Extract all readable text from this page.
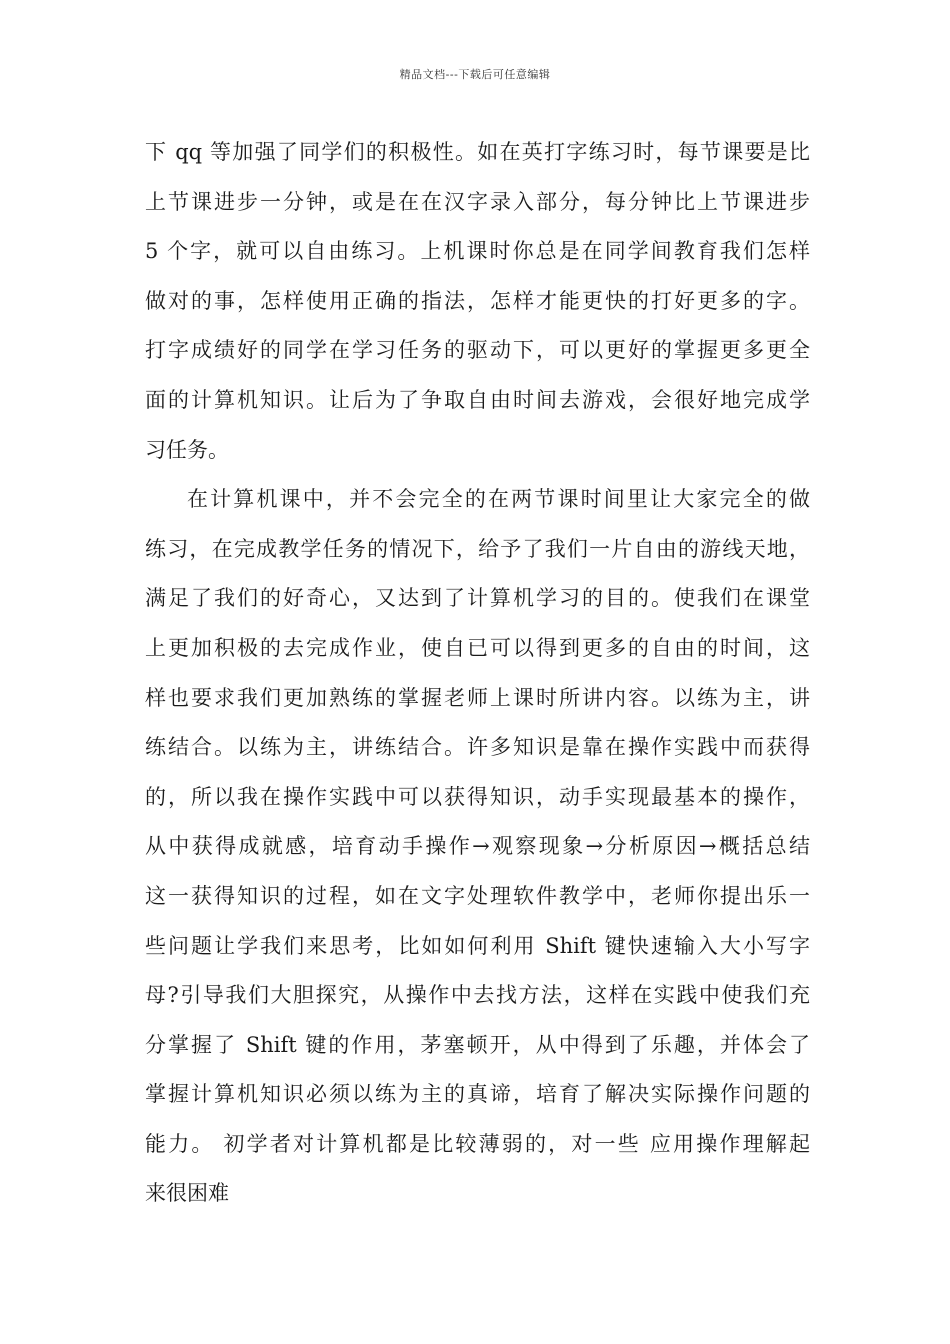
精品文档---下载后可任意编辑
下 qq 等加强了同学们的积极性。如在英打字练习时，每节课要是比
上节课进步一分钟，或是在在汉字录入部分，每分钟比上节课进步
5 个字，就可以自由练习。上机课时你总是在同学间教育我们怎样
做对的事，怎样使用正确的指法，怎样才能更快的打好更多的字。
打字成绩好的同学在学习任务的驱动下，可以更好的掌握更多更全
面的计算机知识。让后为了争取自由时间去游戏，会很好地完成学
习任务。
在计算机课中，并不会完全的在两节课时间里让大家完全的做
练习，在完成教学任务的情况下，给予了我们一片自由的游线天地，
满足了我们的好奇心，又达到了计算机学习的目的。使我们在课堂
上更加积极的去完成作业，使自已可以得到更多的自由的时间，这
样也要求我们更加熟练的掌握老师上课时所讲内容。以练为主，讲
练结合。以练为主，讲练结合。许多知识是靠在操作实践中而获得
的，所以我在操作实践中可以获得知识，动手实现最基本的操作，
从中获得成就感，培育动手操作→观察现象→分析原因→概括总结
这一获得知识的过程，如在文字处理软件教学中，老师你提出乐一
些问题让学我们来思考，比如如何利用 Shift 键快速输入大小写字
母?引导我们大胆探究，从操作中去找方法，这样在实践中使我们充
分掌握了 Shift 键的作用，茅塞顿开，从中得到了乐趣，并体会了
掌握计算机知识必须以练为主的真谛，培育了解决实际操作问题的
能力。 初学者对计算机都是比较薄弱的，对一些 应用操作理解起
来很困难
